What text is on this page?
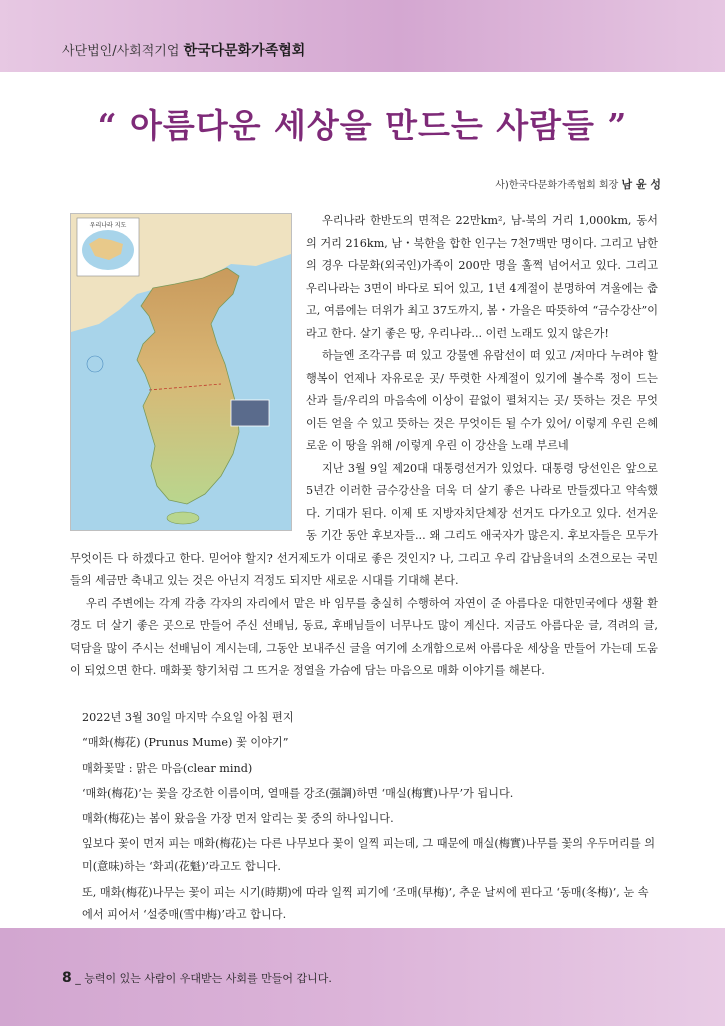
사단법인/사회적기업 한국다문화가족협회
“ 아름다운 세상을 만드는 사람들 ”
사)한국다문화가족협회 회장 남 윤 성

우리나라 한반도의 면적은 22만km², 남-북의 거리 1,000km, 동서의 거리 216km, 남・북한을 합한 인구는 7천7백만 명이다. 그리고 남한의 경우 다문화(외국인)가족이 200만 명을 훌쩍 넘어서고 있다. 그리고 우리나라는 3면이 바다로 되어 있고, 1년 4계절이 분명하여 겨울에는 춥고, 여름에는 더위가 최고 37도까지, 봄・가을은 따뜻하여 “금수강산”이라고 한다. 살기 좋은 땅, 우리나라... 이런 노래도 있지 않은가!

하늘엔 조각구름 떠 있고 강물엔 유람선이 떠 있고 /저마다 누려야 할 행복이 언제나 자유로운 곳/ 뚜렷한 사계절이 있기에 볼수록 정이 드는 산과 들/우리의 마음속에 이상이 끝없이 펼쳐지는 곳/ 뜻하는 것은 무엇이든 얻을 수 있고 뜻하는 것은 무엇이든 될 수가 있어/ 이렇게 우린 은혜로운 이 땅을 위해 /이렇게 우린 이 강산을 노래 부르네

지난 3월 9일 제20대 대통령선거가 있었다. 대통령 당선인은 앞으로 5년간 이러한 금수강산을 더욱 더 살기 좋은 나라로 만들겠다고 약속했다. 기대가 된다. 이제 또 지방자치단체장 선거도 다가오고 있다. 선거운동 기간 동안 후보자들... 왜 그리도 애국자가 많은지. 후보자들은 모두가 무엇이든 다 하겠다고 한다. 믿어야 할지? 선거제도가 이대로 좋은 것인지? 나, 그리고 우리 갑남을녀의 소견으로는 국민들의 세금만 축내고 있는 것은 아닌지 걱정도 되지만 새로운 시대를 기대해 본다.

우리 주변에는 각계 각층 각자의 자리에서 맡은 바 임무를 충실히 수행하여 자연이 준 아름다운 대한민국에다 생활 환경도 더 살기 좋은 곳으로 만들어 주신 선배님, 동료, 후배님들이 너무나도 많이 계신다. 지금도 아름다운 글, 격려의 글, 덕담을 많이 주시는 선배님이 계시는데, 그동안 보내주신 글을 여기에 소개함으로써 아름다운 세상을 만들어 가는데 도움이 되었으면 한다. 매화꽃 향기처럼 그 뜨거운 정열을 가슴에 담는 마음으로 매화 이야기를 해본다.

우리나라 지도

2022년 3월 30일 마지막 수요일 아침 편지

“매화(梅花) (Prunus Mume) 꽃 이야기”

매화꽃말 : 맑은 마음(clear mind)

‘매화(梅花)’는 꽃을 강조한 이름이며, 열매를 강조(强調)하면 ‘매실(梅實)나무’가 됩니다.

매화(梅花)는 봄이 왔음을 가장 먼저 알리는 꽃 중의 하나입니다.

잎보다 꽃이 먼저 피는 매화(梅花)는 다른 나무보다 꽃이 일찍 피는데, 그 때문에 매실(梅實)나무를 꽃의 우두머리를 의미(意味)하는 ‘화괴(花魁)’라고도 합니다.

또, 매화(梅花)나무는 꽃이 피는 시기(時期)에 따라 일찍 피기에 ‘조매(早梅)’, 추운 날씨에 핀다고 ‘동매(冬梅)’, 눈 속에서 피어서 ‘설중매(雪中梅)’라고 합니다.

8 _ 능력이 있는 사람이 우대받는 사회를 만들어 갑니다.
